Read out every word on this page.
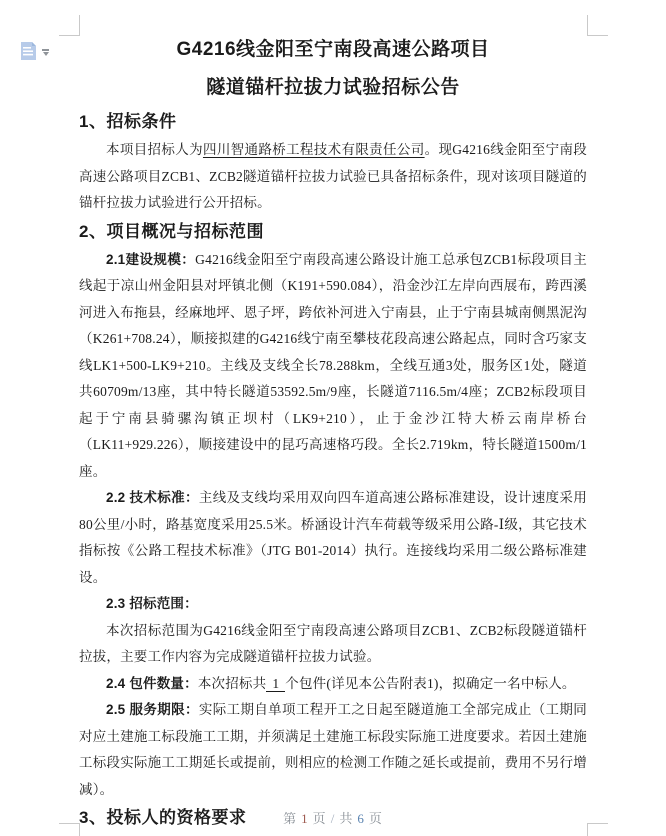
G4216线金阳至宁南段高速公路项目
隧道锚杆拉拔力试验招标公告
1、招标条件

本项目招标人为四川智通路桥工程技术有限责任公司。现G4216线金阳至宁南段高速公路项目ZCB1、ZCB2隧道锚杆拉拔力试验已具备招标条件，现对该项目隧道的锚杆拉拔力试验进行公开招标。

2、项目概况与招标范围

2.1建设规模：G4216线金阳至宁南段高速公路设计施工总承包ZCB1标段项目主线起于凉山州金阳县对坪镇北侧（K191+590.084），沿金沙江左岸向西展布，跨西溪河进入布拖县，经麻地坪、恩子坪，跨依补河进入宁南县，止于宁南县城南侧黑泥沟（K261+708.24），顺接拟建的G4216线宁南至攀枝花段高速公路起点，同时含巧家支线LK1+500-LK9+210。主线及支线全长78.288km，全线互通3处，服务区1处，隧道共60709m/13座，其中特长隧道53592.5m/9座，长隧道7116.5m/4座；ZCB2标段项目起于宁南县骑骡沟镇正坝村（LK9+210），止于金沙江特大桥云南岸桥台（LK11+929.226），顺接建设中的昆巧高速格巧段。全长2.719km，特长隧道1500m/1座。

2.2 技术标准：主线及支线均采用双向四车道高速公路标准建设，设计速度采用80公里/小时，路基宽度采用25.5米。桥涵设计汽车荷载等级采用公路-Ⅰ级，其它技术指标按《公路工程技术标准》（JTG B01-2014）执行。连接线均采用二级公路标准建设。

2.3 招标范围：

本次招标范围为G4216线金阳至宁南段高速公路项目ZCB1、ZCB2标段隧道锚杆拉拔，主要工作内容为完成隧道锚杆拉拔力试验。

2.4 包件数量：本次招标共 1 个包件(详见本公告附表1)，拟确定一名中标人。

2.5 服务期限：实际工期自单项工程开工之日起至隧道施工全部完成止（工期同对应土建施工标段施工工期，并须满足土建施工标段实际施工进度要求。若因土建施工标段实际施工工期延长或提前，则相应的检测工作随之延长或提前，费用不另行增减）。

3、投标人的资格要求	第 1 页 / 共 6 页
